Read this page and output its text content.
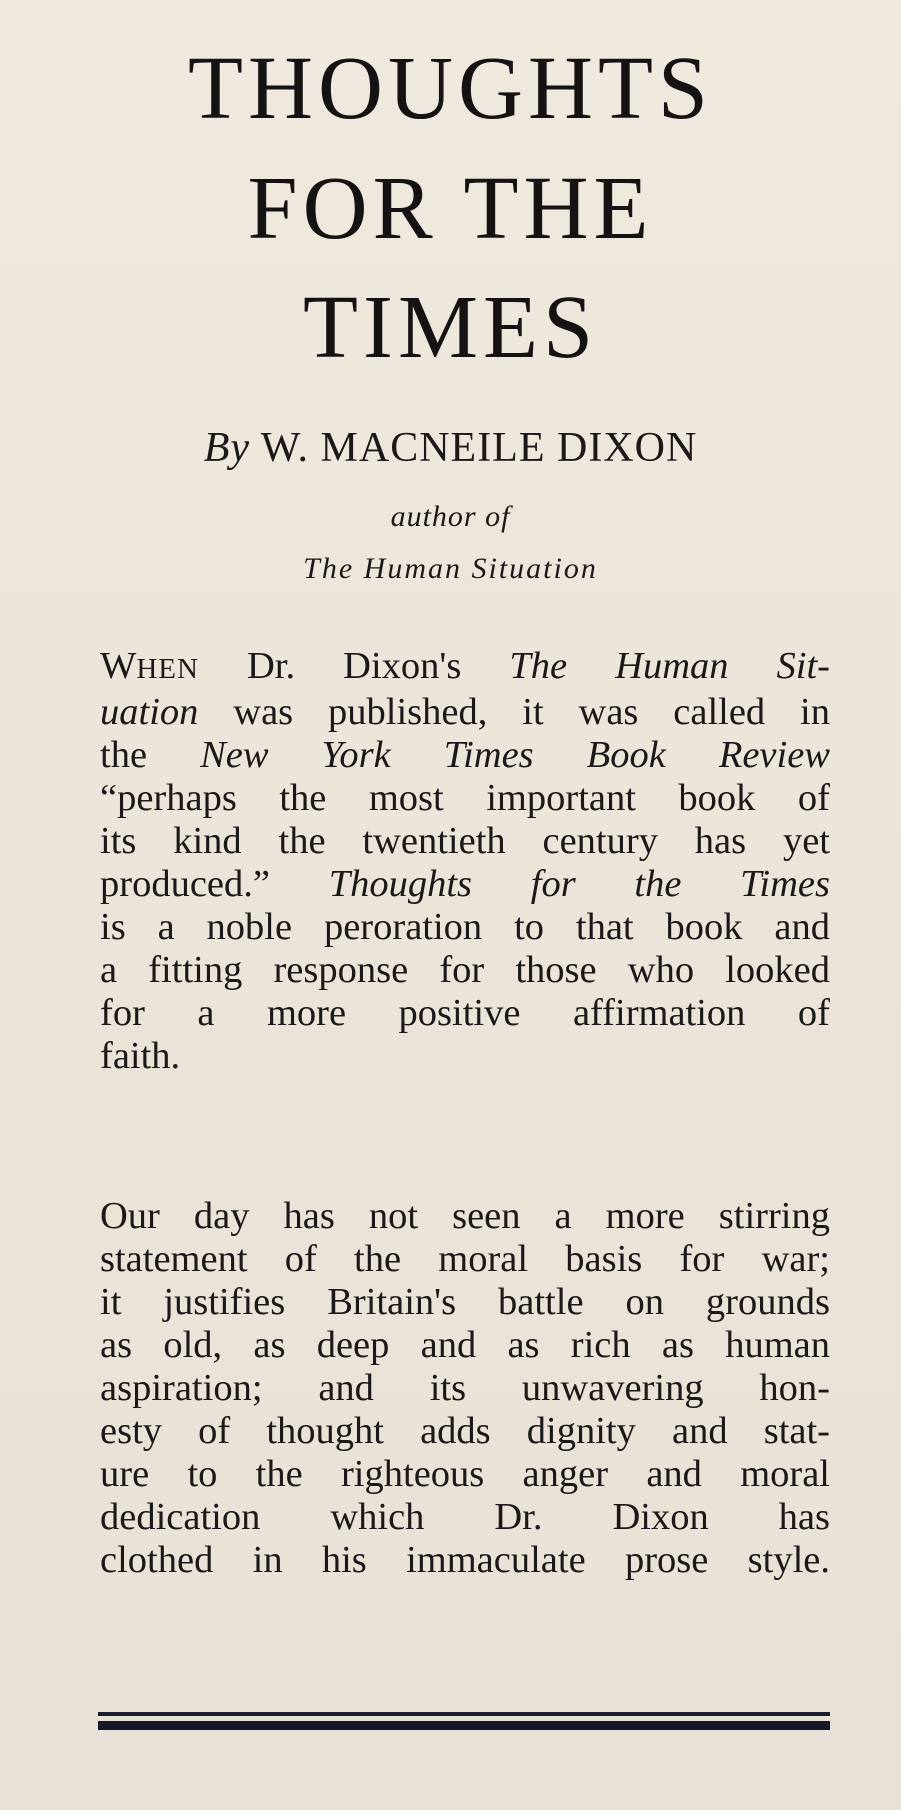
THOUGHTS
FOR THE
TIMES
By W. MACNEILE DIXON
author of
The Human Situation
WHEN Dr. Dixon's The Human Sit-
uation was published, it was called in
the New York Times Book Review
“perhaps the most important book of
its kind the twentieth century has yet
produced.” Thoughts for the Times
is a noble peroration to that book and
a fitting response for those who looked
for a more positive affirmation of
faith.
Our day has not seen a more stirring
statement of the moral basis for war;
it justifies Britain's battle on grounds
as old, as deep and as rich as human
aspiration; and its unwavering hon-
esty of thought adds dignity and stat-
ure to the righteous anger and moral
dedication which Dr. Dixon has
clothed in his immaculate prose style.
